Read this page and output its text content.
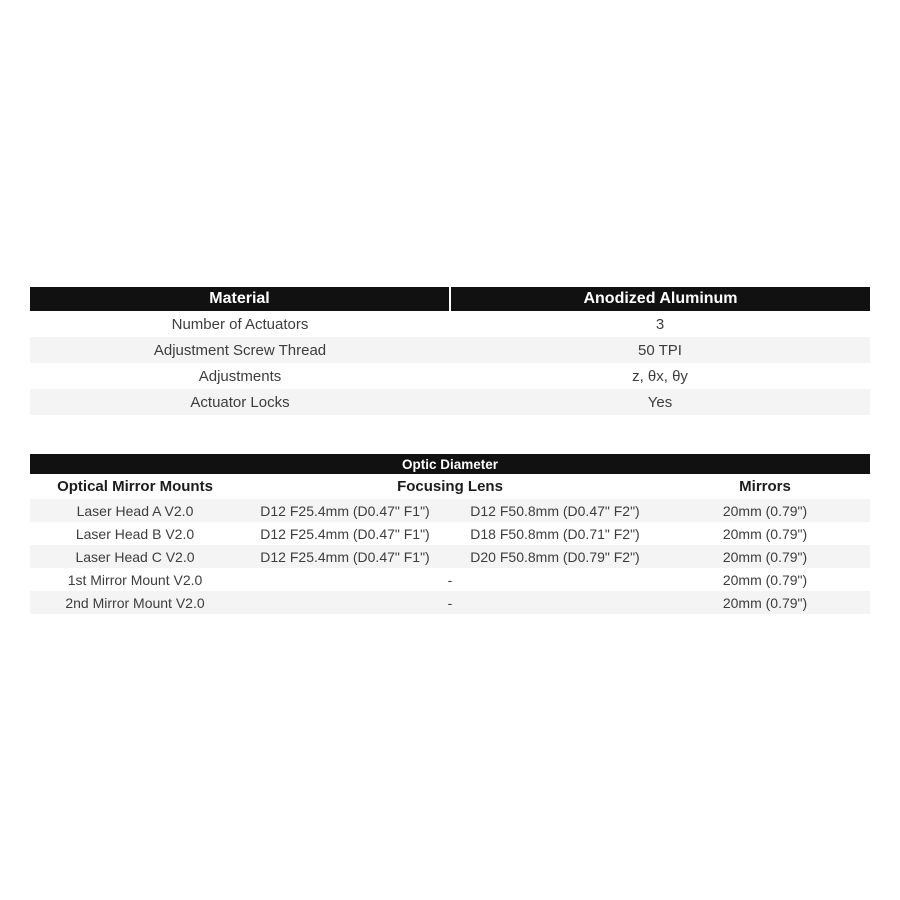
Material	Anodized Aluminum
Number of Actuators	3
Adjustment Screw Thread	50 TPI
Adjustments	z, θx, θy
Actuator Locks	Yes
Optic Diameter			
Optical Mirror Mounts	Focusing Lens		Mirrors
Laser Head A V2.0	D12 F25.4mm (D0.47" F1")	D12 F50.8mm (D0.47" F2")	20mm (0.79")
Laser Head B V2.0	D12 F25.4mm (D0.47" F1")	D18 F50.8mm (D0.71" F2")	20mm (0.79")
Laser Head C V2.0	D12 F25.4mm (D0.47" F1")	D20 F50.8mm (D0.79" F2")	20mm (0.79")
1st Mirror Mount V2.0	-		20mm (0.79")
2nd Mirror Mount V2.0	-		20mm (0.79")
